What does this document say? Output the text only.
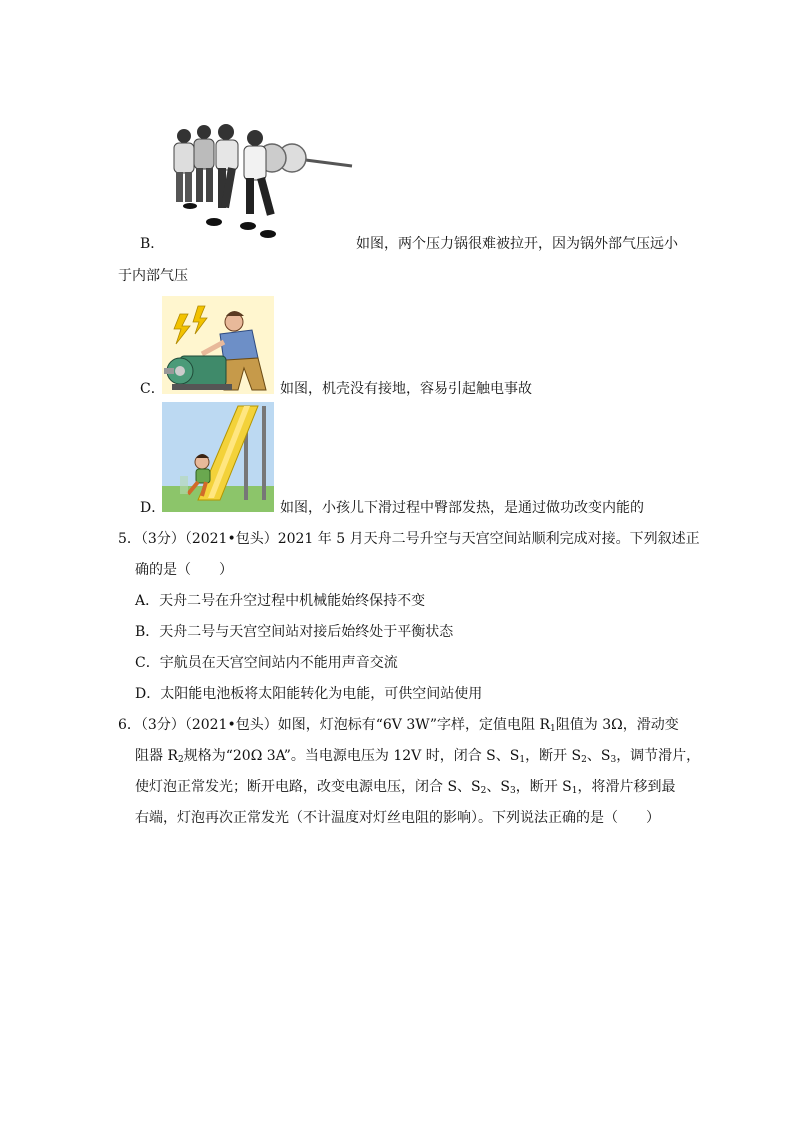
B．	如图，两个压力锅很难被拉开，因为锅外部气压远小
于内部气压
C．	如图，机壳没有接地，容易引起触电事故
D．	如图，小孩儿下滑过程中臀部发热，是通过做功改变内能的
5．（3分）（2021•包头）2021 年 5 月天舟二号升空与天宫空间站顺利完成对接。下列叙述正
确的是（　　）
A．天舟二号在升空过程中机械能始终保持不变
B．天舟二号与天宫空间站对接后始终处于平衡状态
C．宇航员在天宫空间站内不能用声音交流
D．太阳能电池板将太阳能转化为电能，可供空间站使用
6．（3分）（2021•包头）如图，灯泡标有“6V 3W”字样，定值电阻 $R_1$阻值为 3Ω，滑动变
阻器 $R_2$规格为“20Ω 3A”。当电源电压为 12V 时，闭合 S、$S_1$，断开 $S_2$、$S_3$，调节滑片，
使灯泡正常发光；断开电路，改变电源电压，闭合 S、$S_2$、$S_3$，断开 $S_1$，将滑片移到最
右端，灯泡再次正常发光（不计温度对灯丝电阻的影响）。下列说法正确的是（　　）
